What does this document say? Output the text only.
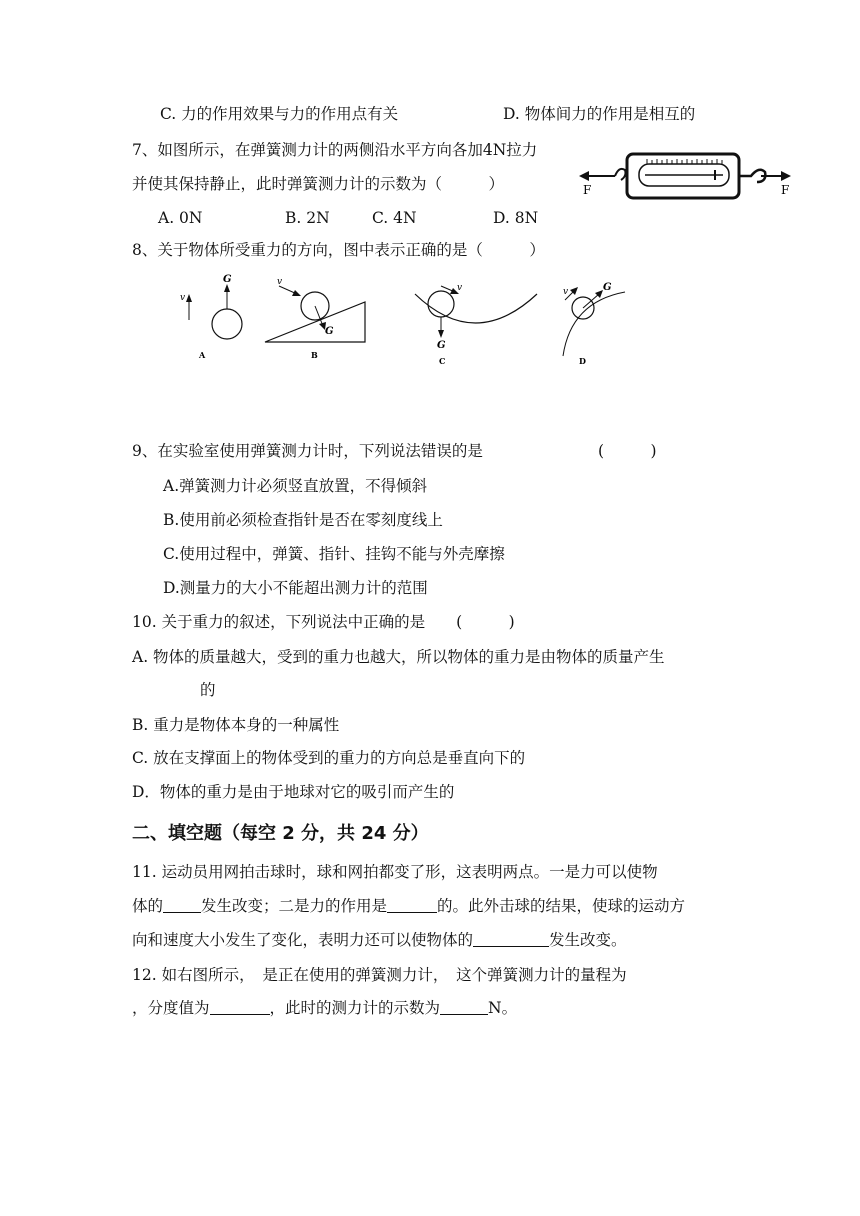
C. 力的作用效果与力的作用点有关	D. 物体间力的作用是相互的
7、如图所示，在弹簧测力计的两侧沿水平方向各加4N拉力
并使其保持静止，此时弹簧测力计的示数为（　　　）
A. 0N	B. 2N	C. 4N	D. 8N
F	F
8、关于物体所受重力的方向，图中表示正确的是（　　　）
v
G
A
G
v
B
G
v
C
G
v
D
9、在实验室使用弹簧测力计时，下列说法错误的是	(　　　)
A.弹簧测力计必须竖直放置，不得倾斜
B.使用前必须检查指针是否在零刻度线上
C.使用过程中，弹簧、指针、挂钩不能与外壳摩擦
D.测量力的大小不能超出测力计的范围
10. 关于重力的叙述，下列说法中正确的是　　(　　　)
A. 物体的质量越大，受到的重力也越大，所以物体的重力是由物体的质量产生
的
B. 重力是物体本身的一种属性
C. 放在支撑面上的物体受到的重力的方向总是垂直向下的
D．物体的重力是由于地球对它的吸引而产生的
二、填空题（每空 2 分，共 24 分）
11. 运动员用网拍击球时，球和网拍都变了形，这表明两点。一是力可以使物
体的 发生改变；二是力的作用是	的。此外击球的结果，使球的运动方
向和速度大小发生了变化，表明力还可以使物体的	发生改变。
12. 如右图所示，　是正在使用的弹簧测力计，　这个弹簧测力计的量程为
，分度值为	，此时的测力计的示数为	N。
